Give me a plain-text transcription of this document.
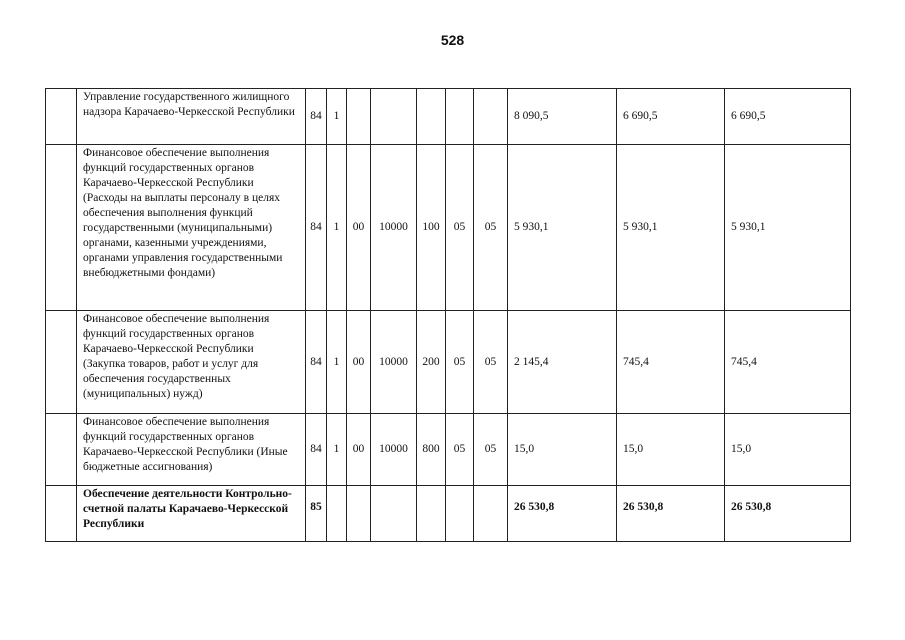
528
	Управление государственного жилищного надзора Карачаево-Черкесской Республики	84	1						8 090,5	6 690,5	6 690,5
	Финансовое обеспечение выполнения функций государственных органов Карачаево-Черкесской Республики (Расходы на выплаты персоналу в целях обеспечения выполнения функций государственными (муниципальными) органами, казенными учреждениями, органами управления государственными внебюджетными фондами)	84	1	00	10000	100	05	05	5 930,1	5 930,1	5 930,1
	Финансовое обеспечение выполнения функций государственных органов Карачаево-Черкесской Республики (Закупка товаров, работ и услуг для обеспечения государственных (муниципальных) нужд)	84	1	00	10000	200	05	05	2 145,4	745,4	745,4
	Финансовое обеспечение выполнения функций государственных органов Карачаево-Черкесской Республики (Иные бюджетные ассигнования)	84	1	00	10000	800	05	05	15,0	15,0	15,0
	Обеспечение деятельности Контрольно-счетной палаты Карачаево-Черкесской Республики	85							26 530,8	26 530,8	26 530,8
